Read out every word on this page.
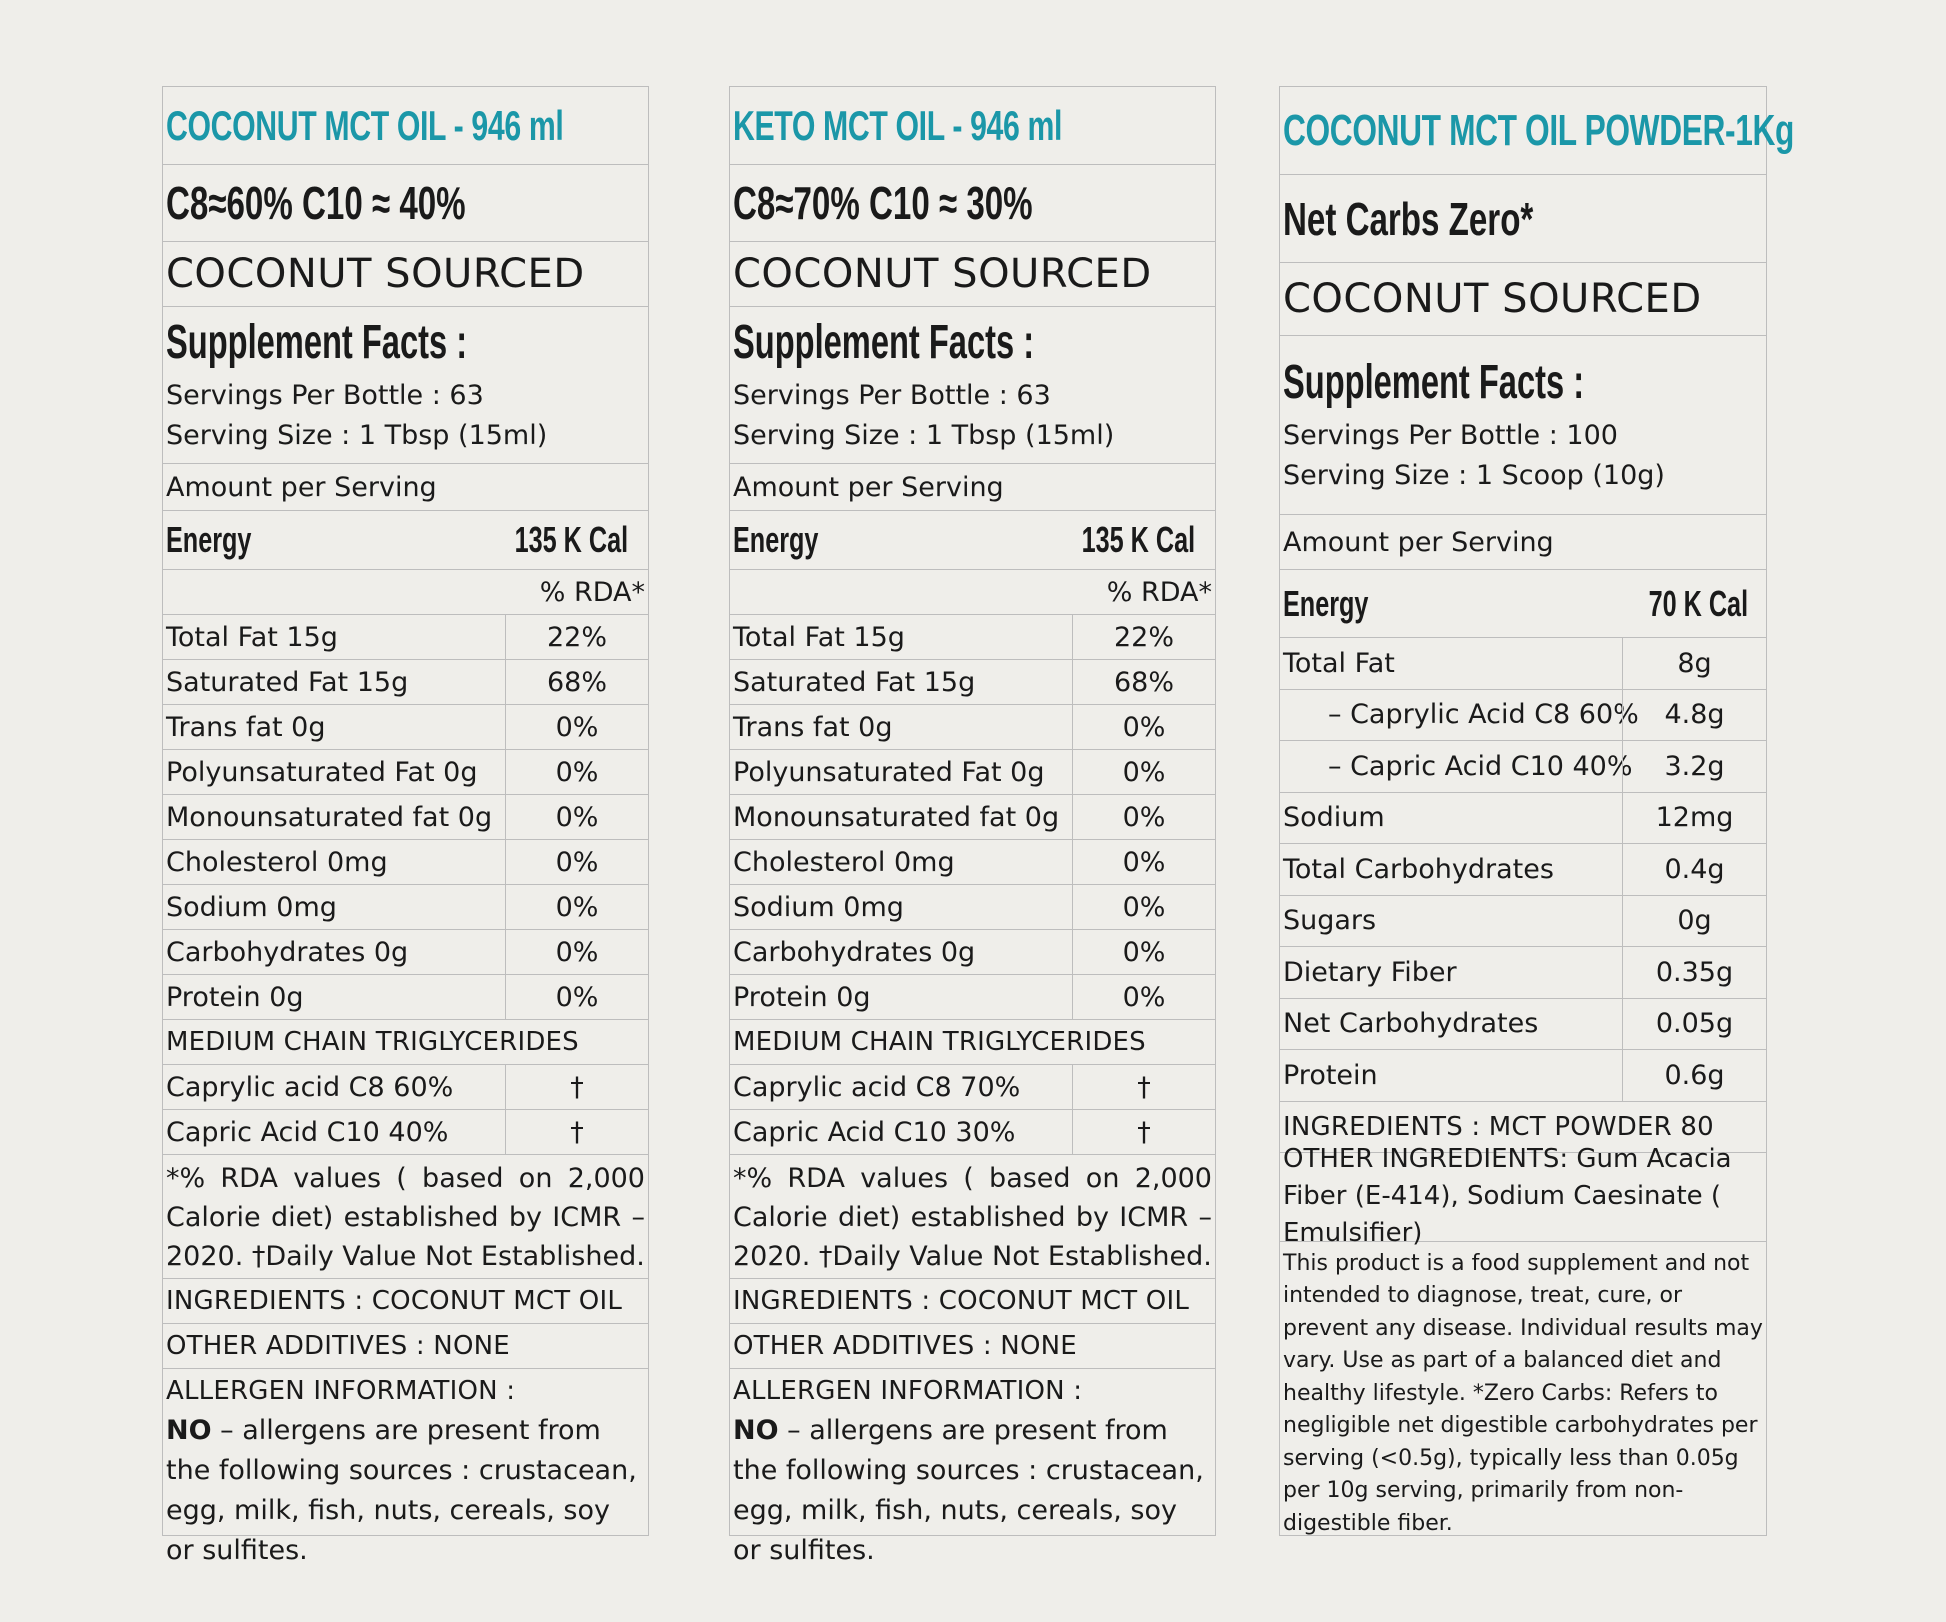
COCONUT MCT OIL - 946 ml
C8≈60% C10 ≈ 40%
COCONUT SOURCED
Supplement Facts :
Servings Per Bottle : 63
Serving Size : 1 Tbsp (15ml)
Amount per Serving
Energy	135 K Cal
% RDA*
Total Fat 15g	22%
Saturated Fat 15g	68%
Trans fat 0g	0%
Polyunsaturated Fat 0g	0%
Monounsaturated fat 0g 0%
Cholesterol 0mg	0%
Sodium 0mg	0%
Carbohydrates 0g	0%
Protein 0g	0%
MEDIUM CHAIN TRIGLYCERIDES
Caprylic acid C8 60%	†
Capric Acid C10 40%	†
*% RDA values ( based on 2,000 Calorie diet) established by ICMR – 2020. †Daily Value Not Established.
INGREDIENTS : COCONUT MCT OIL
OTHER ADDITIVES : NONE
ALLERGEN INFORMATION :
NO – allergens are present from the following sources : crustacean, egg, milk, fish, nuts, cereals, soy or sulfites.
KETO MCT OIL - 946 ml
C8≈70% C10 ≈ 30%
COCONUT SOURCED
Supplement Facts :
Servings Per Bottle : 63
Serving Size : 1 Tbsp (15ml)
Amount per Serving
Energy	135 K Cal
% RDA*
Total Fat 15g	22%
Saturated Fat 15g	68%
Trans fat 0g	0%
Polyunsaturated Fat 0g	0%
Monounsaturated fat 0g 0%
Cholesterol 0mg	0%
Sodium 0mg	0%
Carbohydrates 0g	0%
Protein 0g	0%
MEDIUM CHAIN TRIGLYCERIDES
Caprylic acid C8 70%	†
Capric Acid C10 30%	†
*% RDA values ( based on 2,000 Calorie diet) established by ICMR – 2020. †Daily Value Not Established.
INGREDIENTS : COCONUT MCT OIL
OTHER ADDITIVES : NONE
ALLERGEN INFORMATION :
NO – allergens are present from the following sources : crustacean, egg, milk, fish, nuts, cereals, soy or sulfites.
COCONUT MCT OIL POWDER-1Kg
Net Carbs Zero*
COCONUT SOURCED
Supplement Facts :
Servings Per Bottle : 100
Serving Size : 1 Scoop (10g)
Amount per Serving
Energy	70 K Cal
Total Fat	8g
– Caprylic Acid C8 60% 4.8g
– Capric Acid C10 40% 3.2g
Sodium	12mg
Total Carbohydrates	0.4g
Sugars	0g
Dietary Fiber	0.35g
Net Carbohydrates	0.05g
Protein	0.6g
INGREDIENTS : MCT POWDER 80
OTHER INGREDIENTS: Gum Acacia Fiber (E-414), Sodium Caesinate ( Emulsifier)
This product is a food supplement and not intended to diagnose, treat, cure, or prevent any disease. Individual results may vary. Use as part of a balanced diet and healthy lifestyle. *Zero Carbs: Refers to negligible net digestible carbohydrates per serving (<0.5g), typically less than 0.05g per 10g serving, primarily from non-digestible fiber.
